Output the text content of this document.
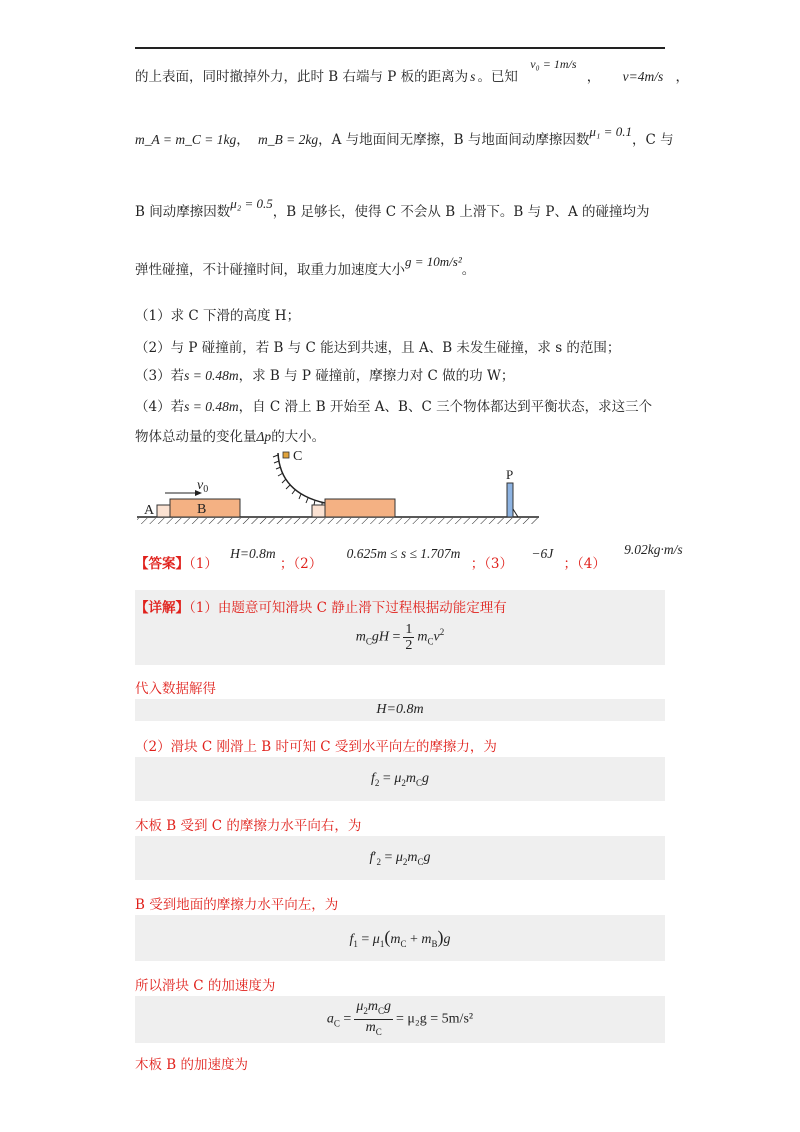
的上表面，同时撤掉外力，此时 B 右端与 P 板的距离为 s 。已知 v₀ = 1m/s ， v=4m/s ，
m_A = m_C = 1kg， m_B = 2kg，A 与地面间无摩擦，B 与地面间动摩擦因数μ₁ = 0.1，C 与
B 间动摩擦因数μ₂ = 0.5，B 足够长，使得 C 不会从 B 上滑下。B 与 P、A 的碰撞均为
弹性碰撞，不计碰撞时间，取重力加速度大小g = 10m/s²。
（1）求 C 下滑的高度 H；
（2）与 P 碰撞前，若 B 与 C 能达到共速，且 A、B 未发生碰撞，求 s 的范围；
（3）若s = 0.48m，求 B 与 P 碰撞前，摩擦力对 C 做的功 W；
（4）若s = 0.48m，自 C 滑上 B 开始至 A、B、C 三个物体都达到平衡状态，求这三个
物体总动量的变化量Δp的大小。
A	B
$v_0$
C
P
【答案】（1） H=0.8m ；（2） 0.625m ≤ s ≤ 1.707m ；（3） −6J ；（4） 9.02kg·m/s
【详解】（1）由题意可知滑块 C 静止滑下过程根据动能定理有
$m_CgH = \frac{1}{2} m_Cv^2$
代入数据解得
H=0.8m
（2）滑块 C 刚滑上 B 时可知 C 受到水平向左的摩擦力，为
$f_2 = \mu_2m_Cg$
木板 B 受到 C 的摩擦力水平向右，为
$f'_2 = \mu_2m_Cg$
B 受到地面的摩擦力水平向左，为
$f_1 = \mu_1(m_C + m_B)g$
所以滑块 C 的加速度为
$a_C = \frac{\mu_2m_Cg}{m_C} = \mu_2g = 5m/s^2$
木板 B 的加速度为
